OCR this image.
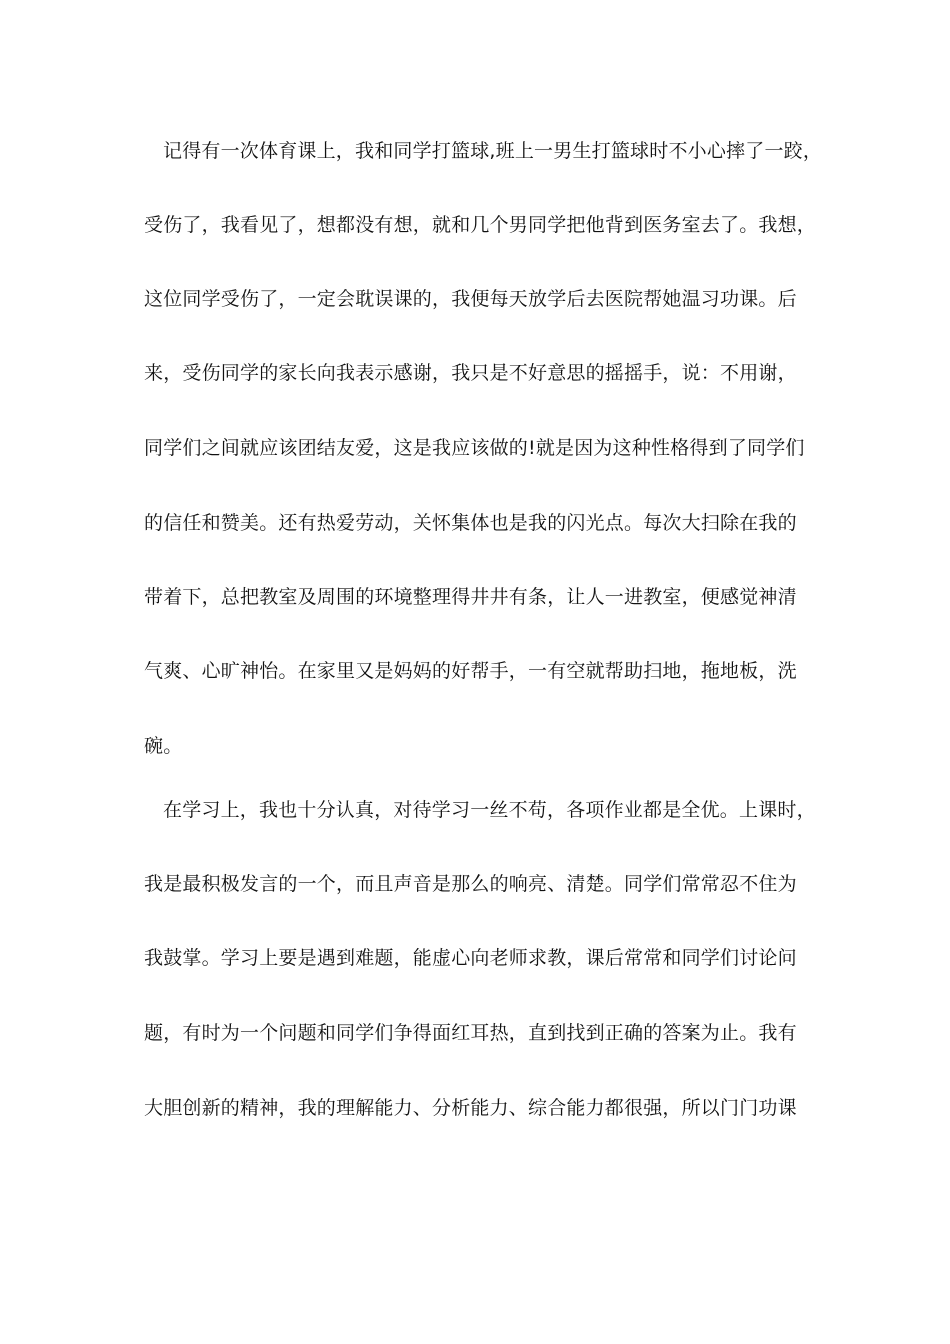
记得有一次体育课上，我和同学打篮球,班上一男生打篮球时不小心摔了一跤，
受伤了，我看见了，想都没有想，就和几个男同学把他背到医务室去了。我想，
这位同学受伤了，一定会耽误课的，我便每天放学后去医院帮她温习功课。后
来，受伤同学的家长向我表示感谢，我只是不好意思的摇摇手，说：不用谢，
同学们之间就应该团结友爱，这是我应该做的!就是因为这种性格得到了同学们
的信任和赞美。还有热爱劳动，关怀集体也是我的闪光点。每次大扫除在我的
带着下，总把教室及周围的环境整理得井井有条，让人一进教室，便感觉神清
气爽、心旷神怡。在家里又是妈妈的好帮手，一有空就帮助扫地，拖地板，洗
碗。
在学习上，我也十分认真，对待学习一丝不苟，各项作业都是全优。上课时，
我是最积极发言的一个，而且声音是那么的响亮、清楚。同学们常常忍不住为
我鼓掌。学习上要是遇到难题，能虚心向老师求教，课后常常和同学们讨论问
题，有时为一个问题和同学们争得面红耳热，直到找到正确的答案为止。我有
大胆创新的精神，我的理解能力、分析能力、综合能力都很强，所以门门功课
